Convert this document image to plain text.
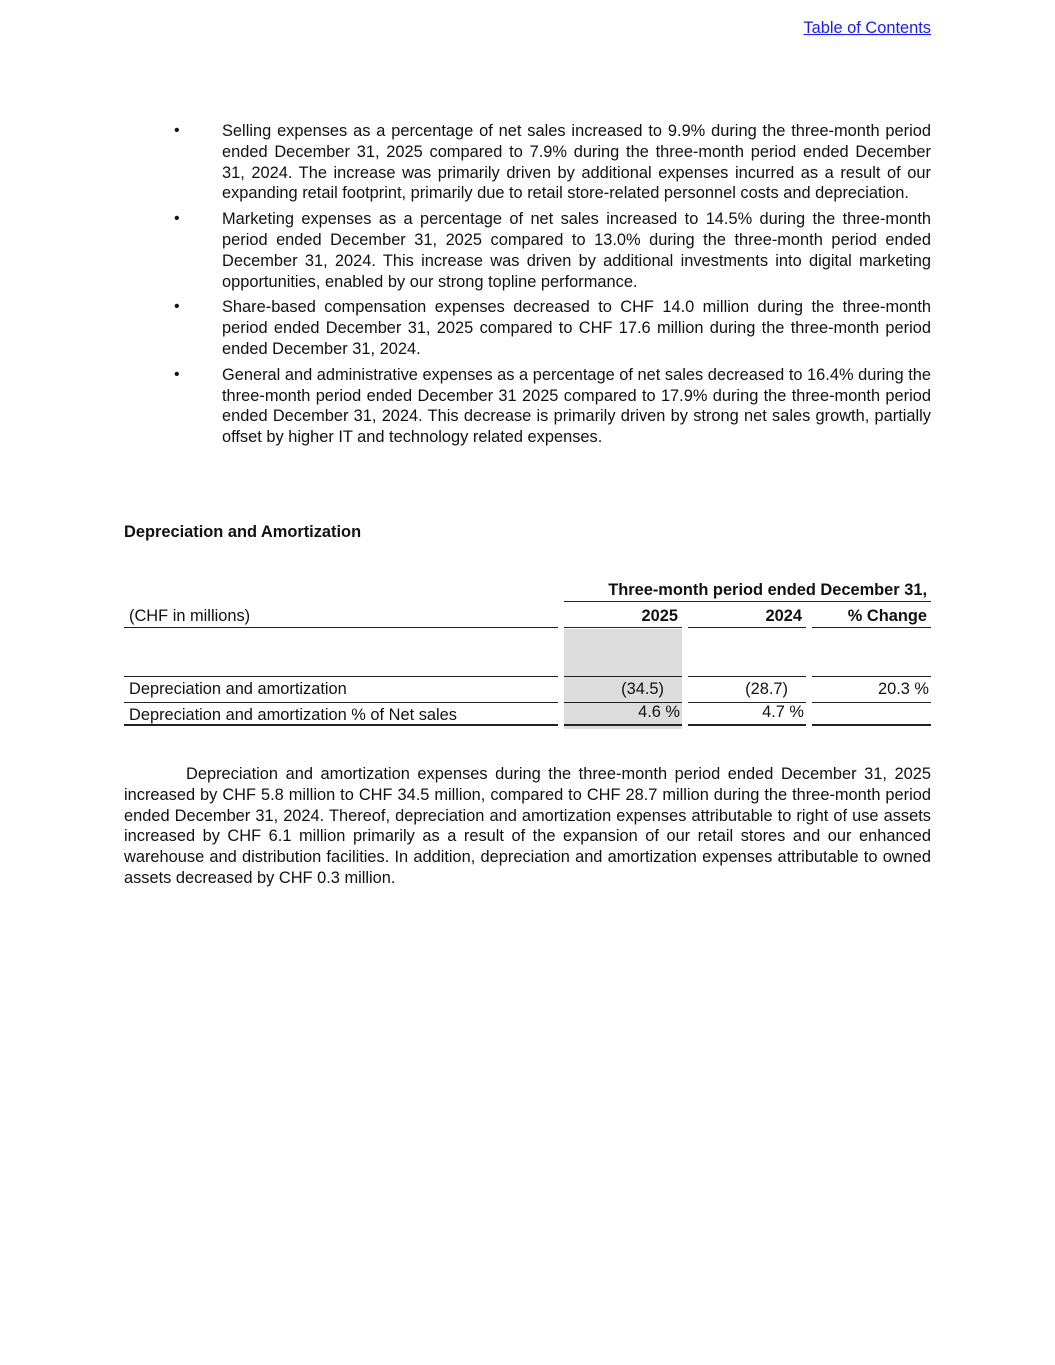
Table of Contents
•	Selling expenses as a percentage of net sales increased to 9.9% during the three-month period ended December 31, 2025 compared to 7.9% during the three-month period ended December 31, 2024. The increase was primarily driven by additional expenses incurred as a result of our expanding retail footprint, primarily due to retail store-related personnel costs and depreciation.
•	Marketing expenses as a percentage of net sales increased to 14.5% during the three-month period ended December 31, 2025 compared to 13.0% during the three-month period ended December 31, 2024. This increase was driven by additional investments into digital marketing opportunities, enabled by our strong topline performance.
•	Share-based compensation expenses decreased to CHF 14.0 million during the three-month period ended December 31, 2025 compared to CHF 17.6 million during the three-month period ended December 31, 2024.
•	General and administrative expenses as a percentage of net sales decreased to 16.4% during the three-month period ended December 31 2025 compared to 17.9% during the three-month period ended December 31, 2024. This decrease is primarily driven by strong net sales growth, partially offset by higher IT and technology related expenses.
Depreciation and Amortization
Three-month period ended December 31,
(CHF in millions)	2025	2024	% Change
Depreciation and amortization	(34.5)	(28.7)	20.3 %
Depreciation and amortization % of Net sales	4.6 %	4.7 %

Depreciation and amortization expenses during the three-month period ended December 31, 2025 increased by CHF 5.8 million to CHF 34.5 million, compared to CHF 28.7 million during the three-month period ended December 31, 2024. Thereof, depreciation and amortization expenses attributable to right of use assets increased by CHF 6.1 million primarily as a result of the expansion of our retail stores and our enhanced warehouse and distribution facilities. In addition, depreciation and amortization expenses attributable to owned assets decreased by CHF 0.3 million.
